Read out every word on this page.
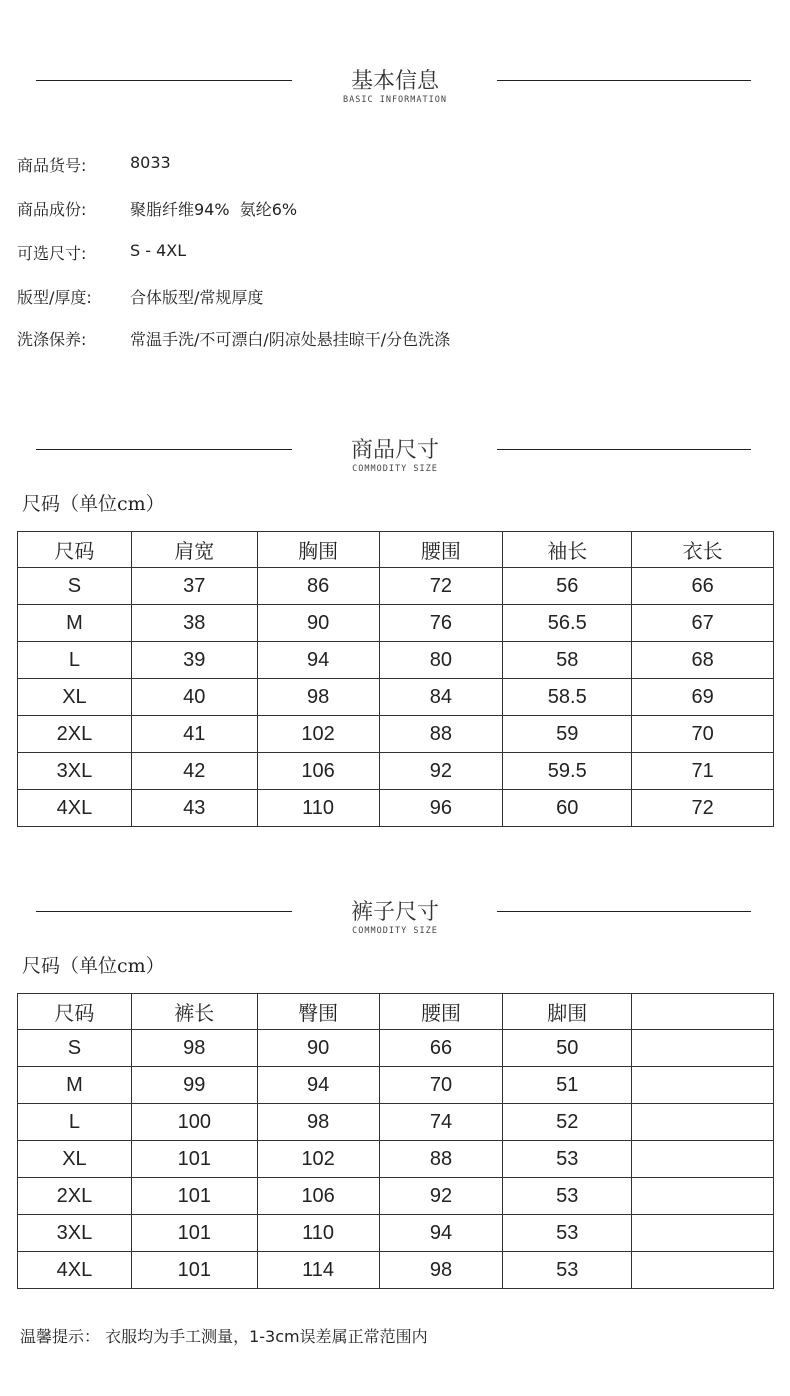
基本信息
BASIC INFORMATION
商品货号:	8033
商品成份:	聚脂纤维94%  氨纶6%
可选尺寸:	S - 4XL
版型/厚度:	合体版型/常规厚度
洗涤保养:	常温手洗/不可漂白/阴凉处悬挂晾干/分色洗涤
商品尺寸
COMMODITY SIZE
尺码（单位cm）
尺码	肩宽	胸围	腰围	袖长	衣长
S	37	86	72	56	66
M	38	90	76	56.5	67
L	39	94	80	58	68
XL	40	98	84	58.5	69
2XL	41	102	88	59	70
3XL	42	106	92	59.5	71
4XL	43	110	96	60	72
裤子尺寸
COMMODITY SIZE
尺码（单位cm）
尺码	裤长	臀围	腰围	脚围	
S	98	90	66	50	
M	99	94	70	51	
L	100	98	74	52	
XL	101	102	88	53	
2XL	101	106	92	53	
3XL	101	110	94	53	
4XL	101	114	98	53	
温馨提示： 衣服均为手工测量，1-3cm误差属正常范围内
